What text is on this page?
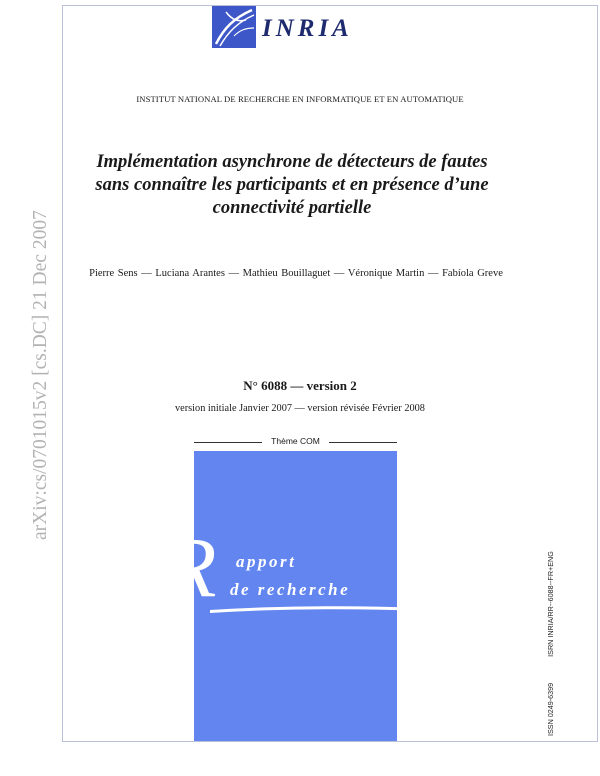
INRIA
INSTITUT NATIONAL DE RECHERCHE EN INFORMATIQUE ET EN AUTOMATIQUE
Implémentation asynchrone de détecteurs de fautes
sans connaître les participants et en présence d’une
connectivité partielle
Pierre Sens — Luciana Arantes — Mathieu Bouillaguet — Véronique Martin — Fabíola Greve
N° 6088 — version 2
version initiale Janvier 2007 — version révisée Février 2008
Thème COM
R apport
de recherche
arXiv:cs/0701015v2 [cs.DC] 21 Dec 2007
ISSN 0249-6399 ISRN INRIA/RR--6088--FR+ENG
